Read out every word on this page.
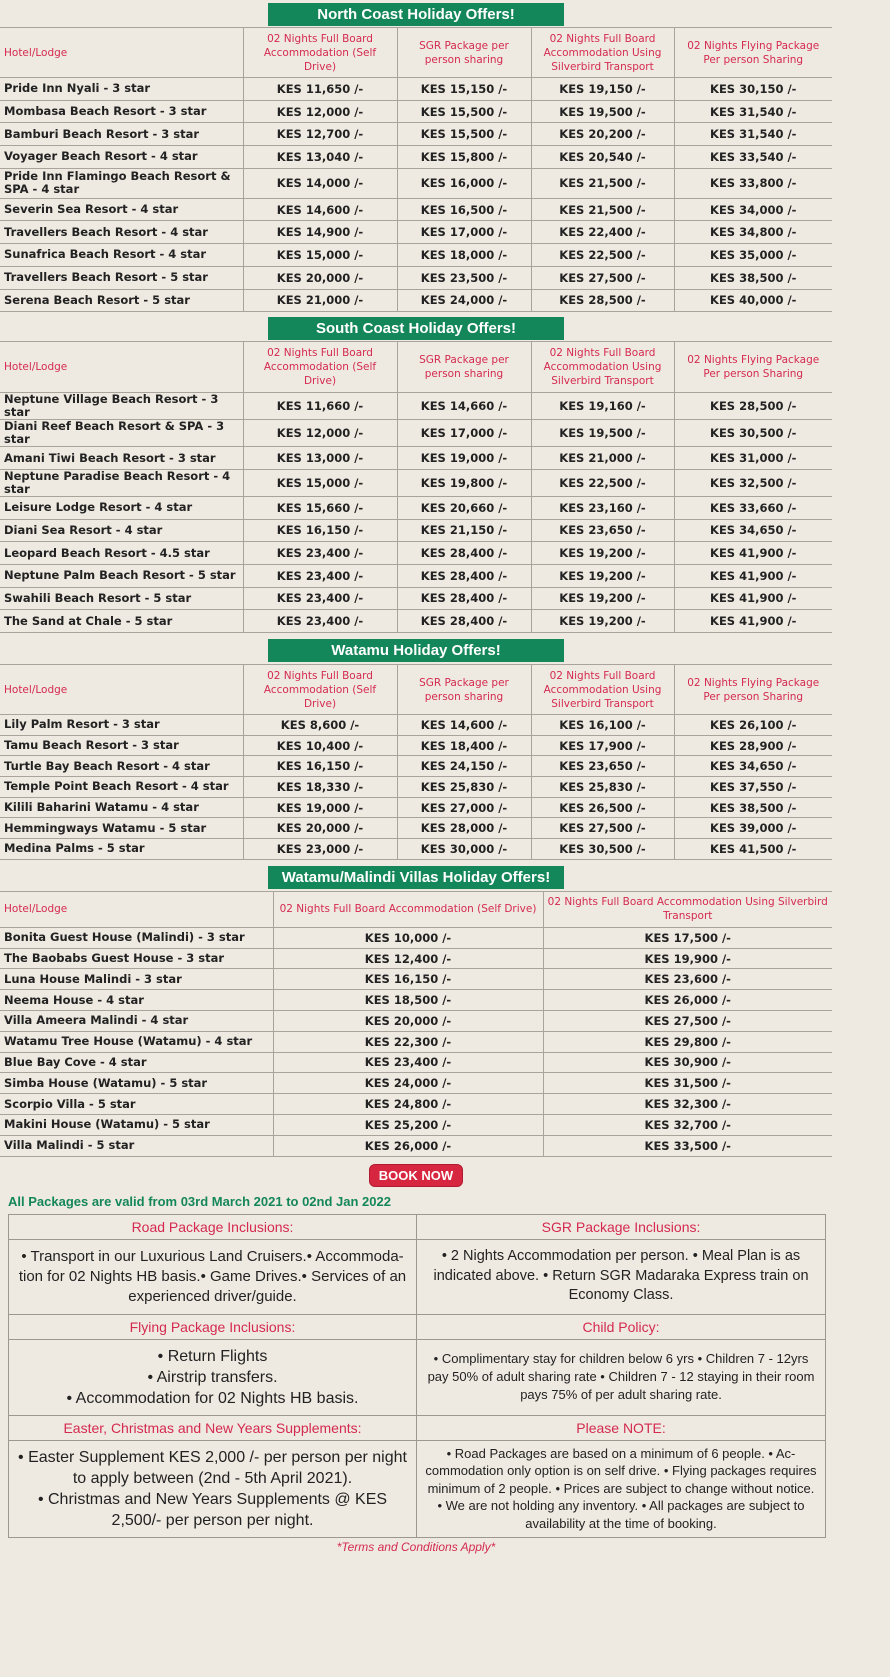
North Coast Holiday Offers!
Hotel/Lodge	02 Nights Full Board Accommodation (Self Drive)	SGR Package per person sharing	02 Nights Full Board Accommodation Using Silverbird Transport	02 Nights Flying Package Per person Sharing
Pride Inn Nyali - 3 star	KES 11,650 /-	KES 15,150 /-	KES 19,150 /-	KES 30,150 /-
Mombasa Beach Resort - 3 star	KES 12,000 /-	KES 15,500 /-	KES 19,500 /-	KES 31,540 /-
Bamburi Beach Resort - 3 star	KES 12,700 /-	KES 15,500 /-	KES 20,200 /-	KES 31,540 /-
Voyager Beach Resort - 4 star	KES 13,040 /-	KES 15,800 /-	KES 20,540 /-	KES 33,540 /-
Pride Inn Flamingo Beach Resort & SPA - 4 star	KES 14,000 /-	KES 16,000 /-	KES 21,500 /-	KES 33,800 /-
Severin Sea Resort - 4 star	KES 14,600 /-	KES 16,500 /-	KES 21,500 /-	KES 34,000 /-
Travellers Beach Resort - 4 star	KES 14,900 /-	KES 17,000 /-	KES 22,400 /-	KES 34,800 /-
Sunafrica Beach Resort - 4 star	KES 15,000 /-	KES 18,000 /-	KES 22,500 /-	KES 35,000 /-
Travellers Beach Resort - 5 star	KES 20,000 /-	KES 23,500 /-	KES 27,500 /-	KES 38,500 /-
Serena Beach Resort - 5 star	KES 21,000 /-	KES 24,000 /-	KES 28,500 /-	KES 40,000 /-
South Coast Holiday Offers!
Hotel/Lodge	02 Nights Full Board Accommodation (Self Drive)	SGR Package per person sharing	02 Nights Full Board Accommodation Using Silverbird Transport	02 Nights Flying Package Per person Sharing
Neptune Village Beach Resort - 3 star	KES 11,660 /-	KES 14,660 /-	KES 19,160 /-	KES 28,500 /-
Diani Reef Beach Resort & SPA - 3 star	KES 12,000 /-	KES 17,000 /-	KES 19,500 /-	KES 30,500 /-
Amani Tiwi Beach Resort - 3 star	KES 13,000 /-	KES 19,000 /-	KES 21,000 /-	KES 31,000 /-
Neptune Paradise Beach Resort - 4 star	KES 15,000 /-	KES 19,800 /-	KES 22,500 /-	KES 32,500 /-
Leisure Lodge Resort - 4 star	KES 15,660 /-	KES 20,660 /-	KES 23,160 /-	KES 33,660 /-
Diani Sea Resort - 4 star	KES 16,150 /-	KES 21,150 /-	KES 23,650 /-	KES 34,650 /-
Leopard Beach Resort - 4.5 star	KES 23,400 /-	KES 28,400 /-	KES 19,200 /-	KES 41,900 /-
Neptune Palm Beach Resort - 5 star	KES 23,400 /-	KES 28,400 /-	KES 19,200 /-	KES 41,900 /-
Swahili Beach Resort - 5 star	KES 23,400 /-	KES 28,400 /-	KES 19,200 /-	KES 41,900 /-
The Sand at Chale - 5 star	KES 23,400 /-	KES 28,400 /-	KES 19,200 /-	KES 41,900 /-
Watamu Holiday Offers!
Hotel/Lodge	02 Nights Full Board Accommodation (Self Drive)	SGR Package per person sharing	02 Nights Full Board Accommodation Using Silverbird Transport	02 Nights Flying Package Per person Sharing
Lily Palm Resort - 3 star	KES 8,600 /-	KES 14,600 /-	KES 16,100 /-	KES 26,100 /-
Tamu Beach Resort - 3 star	KES 10,400 /-	KES 18,400 /-	KES 17,900 /-	KES 28,900 /-
Turtle Bay Beach Resort - 4 star	KES 16,150 /-	KES 24,150 /-	KES 23,650 /-	KES 34,650 /-
Temple Point Beach Resort - 4 star	KES 18,330 /-	KES 25,830 /-	KES 25,830 /-	KES 37,550 /-
Kilili Baharini Watamu - 4 star	KES 19,000 /-	KES 27,000 /-	KES 26,500 /-	KES 38,500 /-
Hemmingways Watamu - 5 star	KES 20,000 /-	KES 28,000 /-	KES 27,500 /-	KES 39,000 /-
Medina Palms - 5 star	KES 23,000 /-	KES 30,000 /-	KES 30,500 /-	KES 41,500 /-
Watamu/Malindi Villas Holiday Offers!
Hotel/Lodge	02 Nights Full Board Accommodation (Self Drive)	02 Nights Full Board Accommodation Using Silverbird Transport
Bonita Guest House (Malindi) - 3 star	KES 10,000 /-	KES 17,500 /-
The Baobabs Guest House - 3 star	KES 12,400 /-	KES 19,900 /-
Luna House Malindi - 3 star	KES 16,150 /-	KES 23,600 /-
Neema House - 4 star	KES 18,500 /-	KES 26,000 /-
Villa Ameera Malindi - 4 star	KES 20,000 /-	KES 27,500 /-
Watamu Tree House (Watamu) - 4 star	KES 22,300 /-	KES 29,800 /-
Blue Bay Cove - 4 star	KES 23,400 /-	KES 30,900 /-
Simba House (Watamu) - 5 star	KES 24,000 /-	KES 31,500 /-
Scorpio Villa - 5 star	KES 24,800 /-	KES 32,300 /-
Makini House (Watamu) - 5 star	KES 25,200 /-	KES 32,700 /-
Villa Malindi - 5 star	KES 26,000 /-	KES 33,500 /-
BOOK NOW
All Packages are valid from 03rd March 2021 to 02nd Jan 2022
Road Package Inclusions:	SGR Package Inclusions:
• Transport in our Luxurious Land Cruisers.• Accommoda-tion for 02 Nights HB basis.• Game Drives.• Services of an experienced driver/guide.	• 2 Nights Accommodation per person. • Meal Plan is as indicated above. • Return SGR Madaraka Express train on Economy Class.
Flying Package Inclusions:	Child Policy:

• Return Flights
• Airstrip transfers.
• Accommodation for 02 Nights HB basis.	• Complimentary stay for children below 6 yrs • Children 7 - 12yrs pay 50% of adult sharing rate • Children 7 - 12 staying in their room pays 75% of per adult sharing rate.
Easter, Christmas and New Years Supplements:	Please NOTE:

• Easter Supplement KES 2,000 /- per person per night to apply between (2nd - 5th April 2021).
• Christmas and New Years Supplements @ KES 2,500/- per person per night.	• Road Packages are based on a minimum of 6 people. • Ac-commodation only option is on self drive. • Flying packages requires minimum of 2 people. • Prices are subject to change without notice. • We are not holding any inventory. • All packages are subject to availability at the time of booking.
*Terms and Conditions Apply*
